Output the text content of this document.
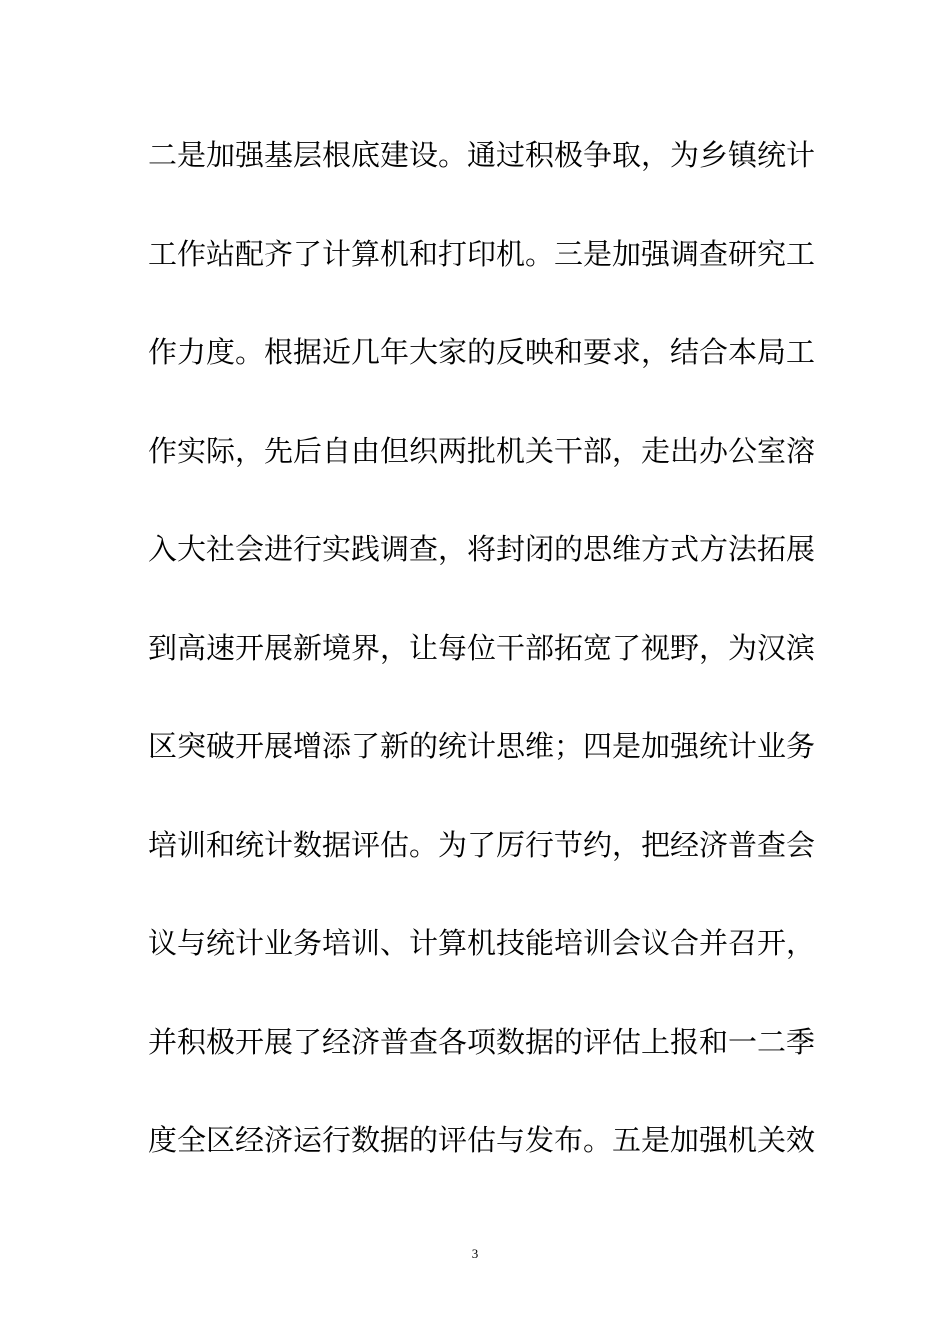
二是加强基层根底建设。通过积极争取，为乡镇统计
工作站配齐了计算机和打印机。三是加强调查研究工
作力度。根据近几年大家的反映和要求，结合本局工
作实际，先后自由但织两批机关干部，走出办公室溶
入大社会进行实践调查，将封闭的思维方式方法拓展
到高速开展新境界，让每位干部拓宽了视野，为汉滨
区突破开展增添了新的统计思维；四是加强统计业务
培训和统计数据评估。为了厉行节约，把经济普查会
议与统计业务培训、计算机技能培训会议合并召开，
并积极开展了经济普查各项数据的评估上报和一二季
度全区经济运行数据的评估与发布。五是加强机关效
3
